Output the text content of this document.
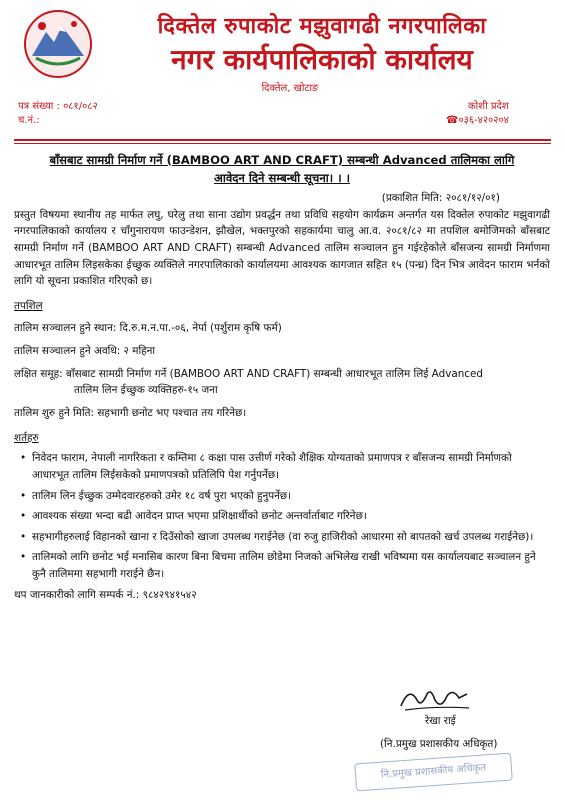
दिक्तेल रुपाकोट मझुवागढी नगरपालिका
नगर कार्यपालिकाको कार्यालय
दिक्तेल, खोटाङ
पत्र संख्या : ०८१/०८२
च.नं.:
कोशी प्रदेश
☎०३६-४२०२०४
बाँसबाट सामग्री निर्माण गर्ने (BAMBOO ART AND CRAFT) सम्बन्धी Advanced तालिमका लागि
आवेदन दिने सम्बन्धी सूचना। । ।
(प्रकाशित मिति: २०८१/१२/०१)
प्रस्तुत विषयमा स्थानीय तह मार्फत लघु, घरेलु तथा साना उद्योग प्रवर्द्धन तथा प्रविधि सहयोग कार्यक्रम अन्तर्गत यस दिक्तेल रुपाकोट मझुवागढी नगरपालिकाको कार्यालय र चाँगुनारायण फाउन्डेशन, झौखेल, भक्तपुरको सहकार्यमा चालु आ.व. २०८१/८२ मा तपशिल बमोजिमको बाँसबाट सामग्री निर्माण गर्ने (BAMBOO ART AND CRAFT) सम्बन्धी Advanced तालिम सञ्चालन हुन गईरहेकोले बाँसजन्य सामग्री निर्माणमा आधारभूत तालिम लिइसकेका ईच्छुक व्यक्तिले नगरपालिकाको कार्यालयमा आवश्यक कागजात सहित १५ (पन्ध्र) दिन भित्र आवेदन फाराम भर्नको लागि यो सूचना प्रकाशित गरिएको छ।
तपशिल
तालिम सञ्चालन हुने स्थान: दि.रु.म.न.पा.-०६, नेर्पा (पर्शुराम कृषि फर्म)
तालिम सञ्चालन हुने अवधि: २ महिना
लक्षित समूह: बाँसबाट सामग्री निर्माण गर्ने (BAMBOO ART AND CRAFT) सम्बन्धी आधारभूत तालिम लिई Advanced
तालिम लिन ईच्छुक व्यक्तिहरु-१५ जना
तालिम शुरु हुने मिति: सहभागी छनोट भए पश्चात तय गरिनेछ।
शर्तहरु
• निवेदन फाराम, नेपाली नागरिकता र कम्तिमा ८ कक्षा पास उत्तीर्ण गरेको शैक्षिक योग्यताको प्रमाणपत्र र बाँसजन्य सामग्री निर्माणको आधारभूत तालिम लिईसकेको प्रमाणपत्रको प्रतिलिपि पेश गर्नुपर्नेछ।
• तालिम लिन ईच्छुक उम्मेदवारहरुको उमेर १८ वर्ष पुरा भएको हुनुपर्नेछ।
• आवश्यक संख्या भन्दा बढी आवेदन प्राप्त भएमा प्रशिक्षार्थीको छनोट अन्तर्वार्ताबाट गरिनेछ।
• सहभागीहरुलाई विहानको खाना र दिउँसोको खाजा उपलब्ध गराईनेछ (वा रुजु हाजिरीको आधारमा सो बापतको खर्च उपलब्ध गराईनेछ)।
• तालिमको लागि छनोट भई मनासिब कारण बिना बिचमा तालिम छोडेमा निजको अभिलेख राखी भविष्यमा यस कार्यालयबाट सञ्चालन हुने कुनै तालिममा सहभागी गराईने छैन।
थप जानकारीको लागि सम्पर्क नं.: ९८४२९४१५४२
रेखा राई
(नि.प्रमुख प्रशासकीय अधिकृत)
नि.प्रमुख प्रशासकीय अधिकृत
